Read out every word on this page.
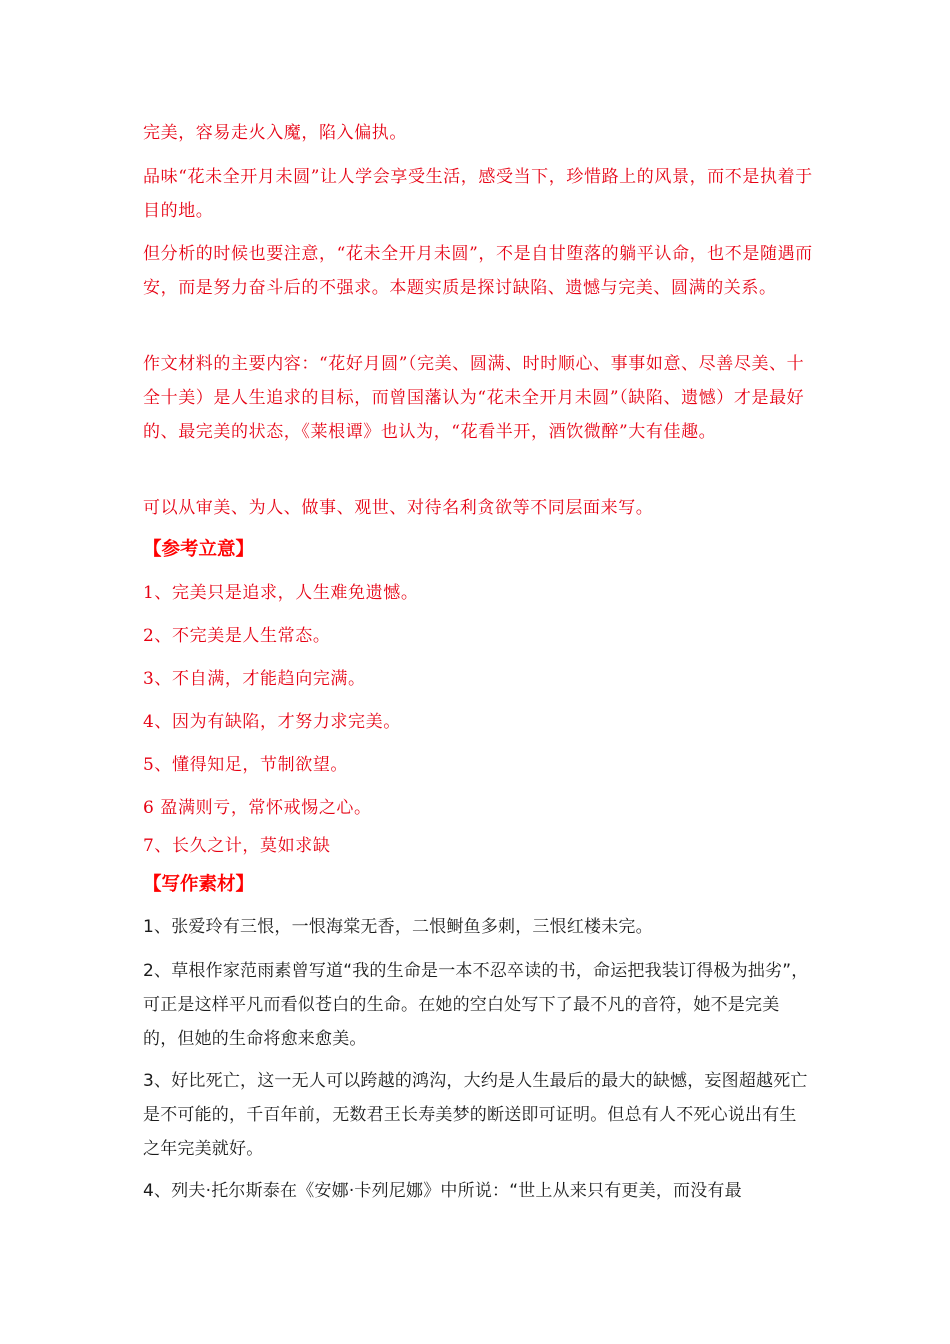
完美，容易走火入魔，陷入偏执。

品味“花未全开月未圆”让人学会享受生活，感受当下，珍惜路上的风景，而不是执着于目的地。

但分析的时候也要注意，“花未全开月未圆”，不是自甘堕落的躺平认命，也不是随遇而安，而是努力奋斗后的不强求。本题实质是探讨缺陷、遗憾与完美、圆满的关系。

作文材料的主要内容：“花好月圆”（完美、圆满、时时顺心、事事如意、尽善尽美、十全十美）是人生追求的目标，而曾国藩认为“花未全开月未圆”（缺陷、遗憾）才是最好的、最完美的状态，《莱根谭》也认为，“花看半开，酒饮微醉”大有佳趣。

可以从审美、为人、做事、观世、对待名利贪欲等不同层面来写。

【参考立意】

1、完美只是追求，人生难免遗憾。

2、不完美是人生常态。

3、不自满，才能趋向完满。

4、因为有缺陷，才努力求完美。

5、懂得知足，节制欲望。

6 盈满则亏，常怀戒惕之心。

7、长久之计，莫如求缺

【写作素材】

1、张爱玲有三恨，一恨海棠无香，二恨鲥鱼多刺，三恨红楼未完。

2、草根作家范雨素曾写道“我的生命是一本不忍卒读的书，命运把我装订得极为拙劣”，可正是这样平凡而看似苍白的生命。在她的空白处写下了最不凡的音符，她不是完美的，但她的生命将愈来愈美。

3、好比死亡，这一无人可以跨越的鸿沟，大约是人生最后的最大的缺憾，妄图超越死亡是不可能的，千百年前，无数君王长寿美梦的断送即可证明。但总有人不死心说出有生之年完美就好。

4、列夫·托尔斯泰在《安娜·卡列尼娜》中所说：“世上从来只有更美，而没有最
